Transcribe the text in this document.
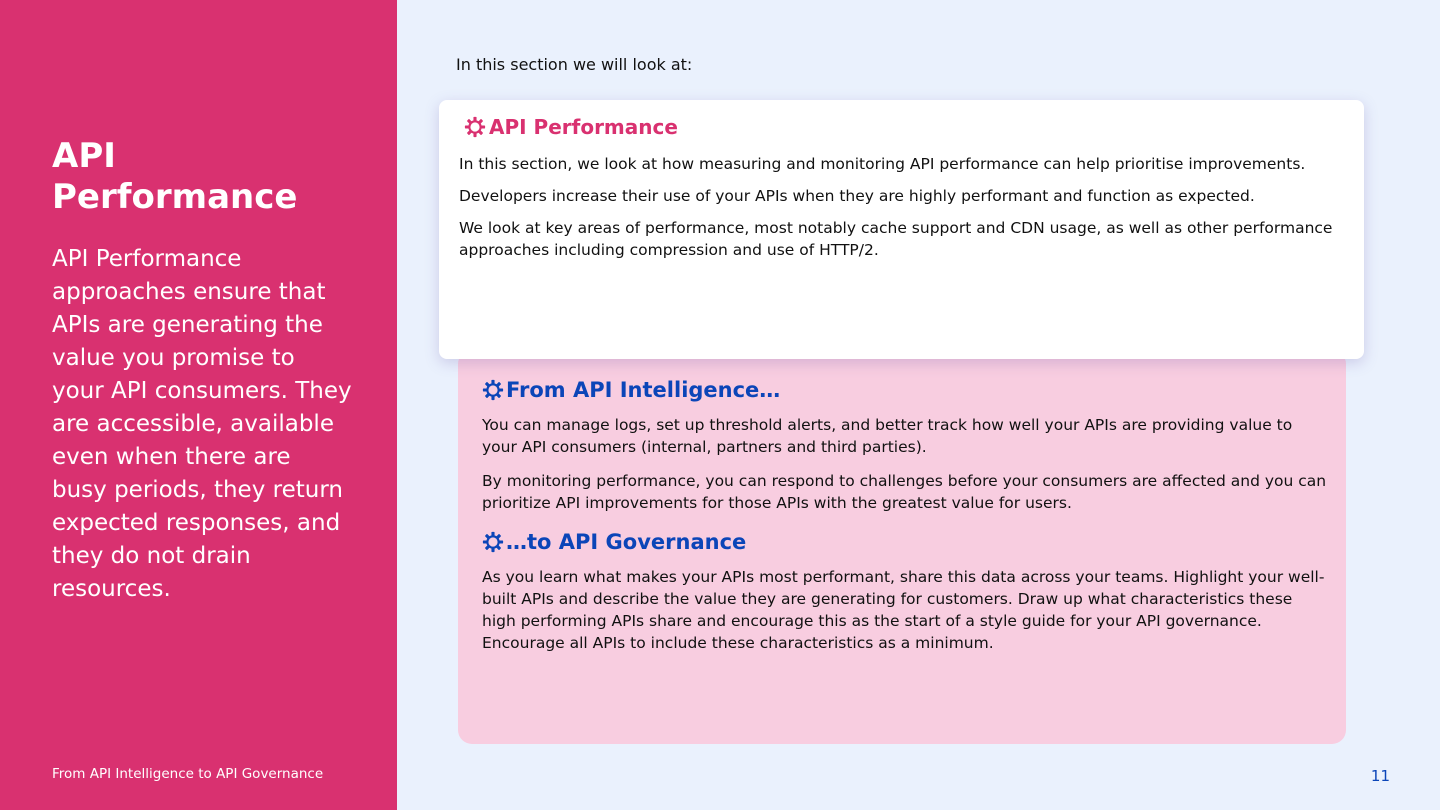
API Performance

API Performance approaches ensure that APIs are generating the value you promise to your API consumers. They are accessible, available even when there are busy periods, they return expected responses, and they do not drain resources.

From API Intelligence to API Governance

In this section we will look at:

API Performance

In this section, we look at how measuring and monitoring API performance can help prioritise improvements.

Developers increase their use of your APIs when they are highly performant and function as expected.

We look at key areas of performance, most notably cache support and CDN usage, as well as other performance approaches including compression and use of HTTP/2.

From API Intelligence…

You can manage logs, set up threshold alerts, and better track how well your APIs are providing value to your API consumers (internal, partners and third parties).

By monitoring performance, you can respond to challenges before your consumers are affected and you can prioritize API improvements for those APIs with the greatest value for users.

…to API Governance

As you learn what makes your APIs most performant, share this data across your teams. Highlight your well-built APIs and describe the value they are generating for customers. Draw up what characteristics these high performing APIs share and encourage this as the start of a style guide for your API governance. Encourage all APIs to include these characteristics as a minimum.

11
